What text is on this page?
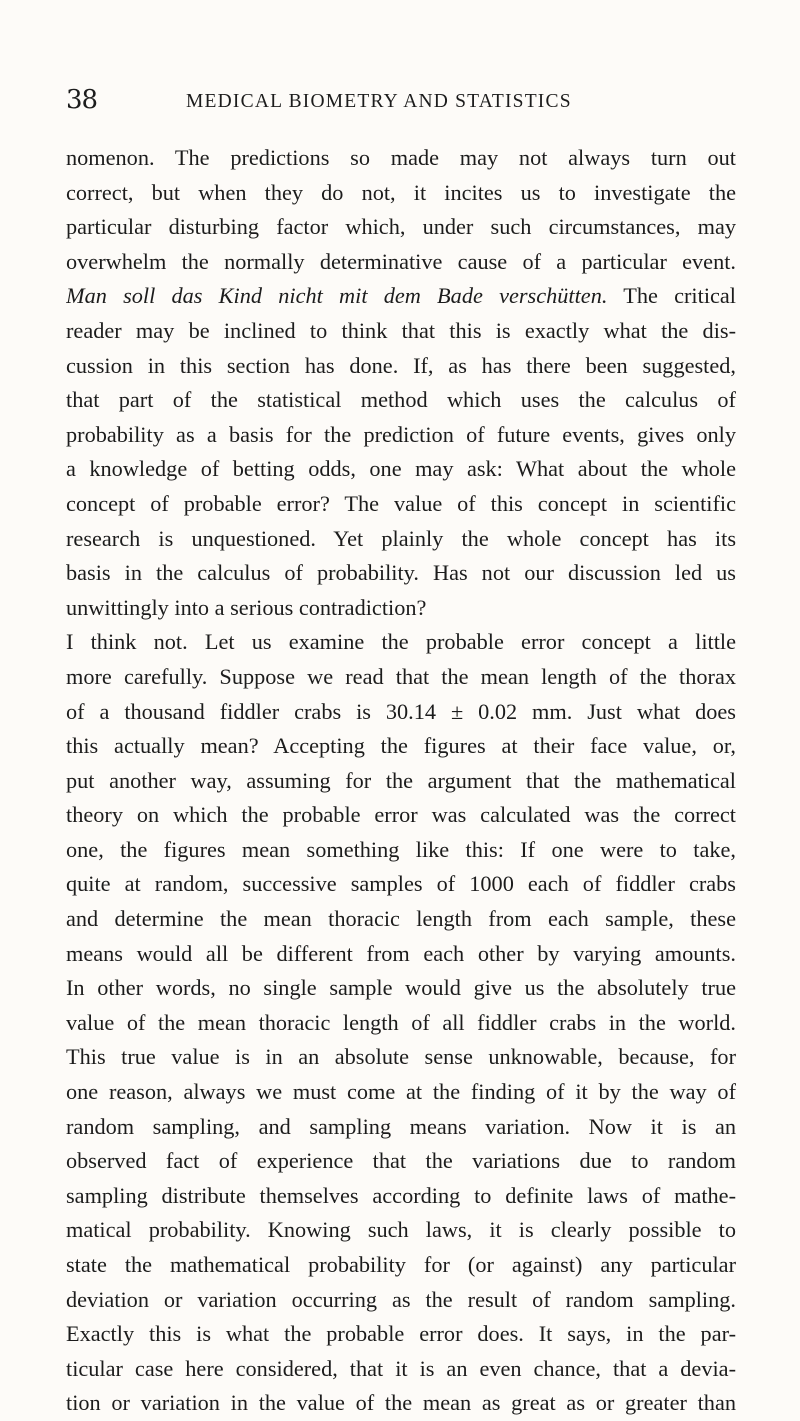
38	MEDICAL BIOMETRY AND STATISTICS
nomenon. The predictions so made may not always turn out
correct, but when they do not, it incites us to investigate the
particular disturbing factor which, under such circumstances, may
overwhelm the normally determinative cause of a particular event.
Man soll das Kind nicht mit dem Bade verschütten. The critical
reader may be inclined to think that this is exactly what the dis-
cussion in this section has done. If, as has there been suggested,
that part of the statistical method which uses the calculus of
probability as a basis for the prediction of future events, gives only
a knowledge of betting odds, one may ask: What about the whole
concept of probable error? The value of this concept in scientific
research is unquestioned. Yet plainly the whole concept has its
basis in the calculus of probability. Has not our discussion led us
unwittingly into a serious contradiction?
I think not. Let us examine the probable error concept a little
more carefully. Suppose we read that the mean length of the thorax
of a thousand fiddler crabs is 30.14 ± 0.02 mm. Just what does
this actually mean? Accepting the figures at their face value, or,
put another way, assuming for the argument that the mathematical
theory on which the probable error was calculated was the correct
one, the figures mean something like this: If one were to take,
quite at random, successive samples of 1000 each of fiddler crabs
and determine the mean thoracic length from each sample, these
means would all be different from each other by varying amounts.
In other words, no single sample would give us the absolutely true
value of the mean thoracic length of all fiddler crabs in the world.
This true value is in an absolute sense unknowable, because, for
one reason, always we must come at the finding of it by the way of
random sampling, and sampling means variation. Now it is an
observed fact of experience that the variations due to random
sampling distribute themselves according to definite laws of mathe-
matical probability. Knowing such laws, it is clearly possible to
state the mathematical probability for (or against) any particular
deviation or variation occurring as the result of random sampling.
Exactly this is what the probable error does. It says, in the par-
ticular case here considered, that it is an even chance, that a devia-
tion or variation in the value of the mean as great as or greater than
